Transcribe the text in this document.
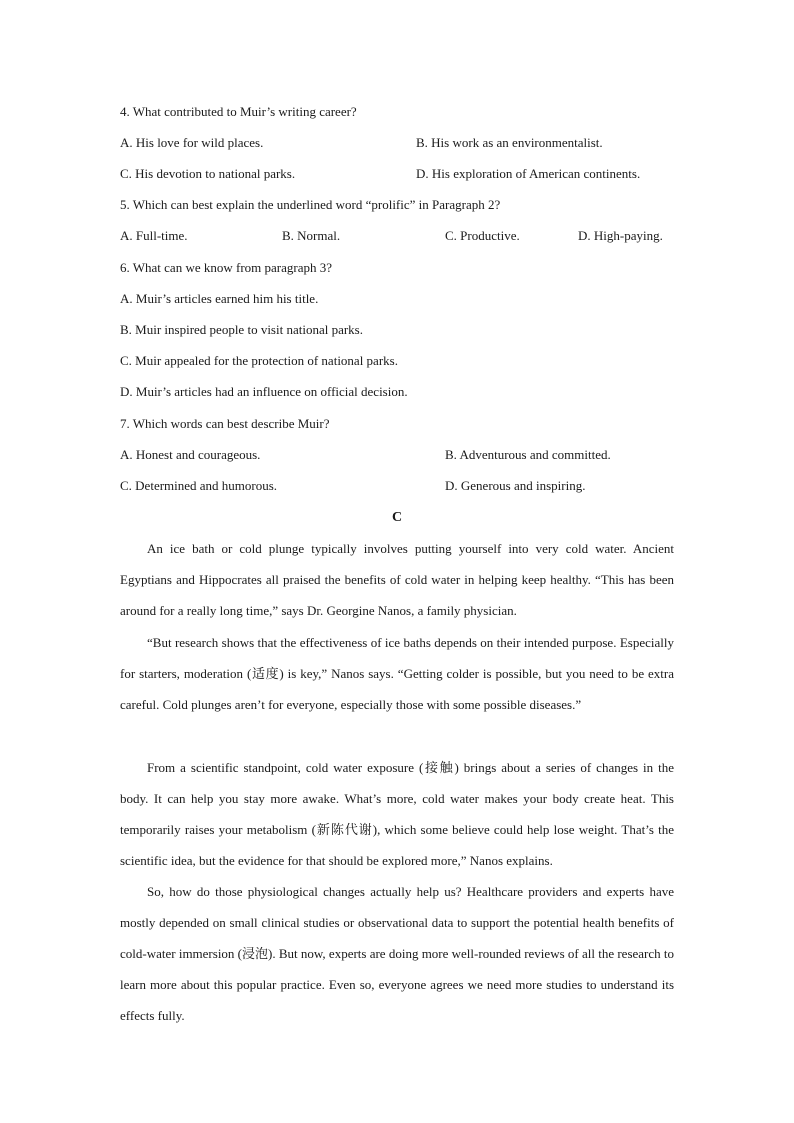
4. What contributed to Muir’s writing career?
A. His love for wild places.	B. His work as an environmentalist.
C. His devotion to national parks.	D. His exploration of American continents.
5. Which can best explain the underlined word “prolific” in Paragraph 2?
A. Full-time.	B. Normal.	C. Productive.	D. High-paying.
6. What can we know from paragraph 3?
A. Muir’s articles earned him his title.
B. Muir inspired people to visit national parks.
C. Muir appealed for the protection of national parks.
D. Muir’s articles had an influence on official decision.
7. Which words can best describe Muir?
A. Honest and courageous.	B. Adventurous and committed.
C. Determined and humorous.	D. Generous and inspiring.
C

An ice bath or cold plunge typically involves putting yourself into very cold water. Ancient Egyptians and Hippocrates all praised the benefits of cold water in helping keep healthy. “This has been around for a really long time,” says Dr. Georgine Nanos, a family physician.

“But research shows that the effectiveness of ice baths depends on their intended purpose. Especially for starters, moderation (适度) is key,” Nanos says. “Getting colder is possible, but you need to be extra careful. Cold plunges aren’t for everyone, especially those with some possible diseases.”

From a scientific standpoint, cold water exposure (接触) brings about a series of changes in the body. It can help you stay more awake. What’s more, cold water makes your body create heat. This temporarily raises your metabolism (新陈代谢), which some believe could help lose weight. That’s the scientific idea, but the evidence for that should be explored more,” Nanos explains.

So, how do those physiological changes actually help us? Healthcare providers and experts have mostly depended on small clinical studies or observational data to support the potential health benefits of cold-water immersion (浸泡). But now, experts are doing more well-rounded reviews of all the research to learn more about this popular practice. Even so, everyone agrees we need more studies to understand its effects fully.
